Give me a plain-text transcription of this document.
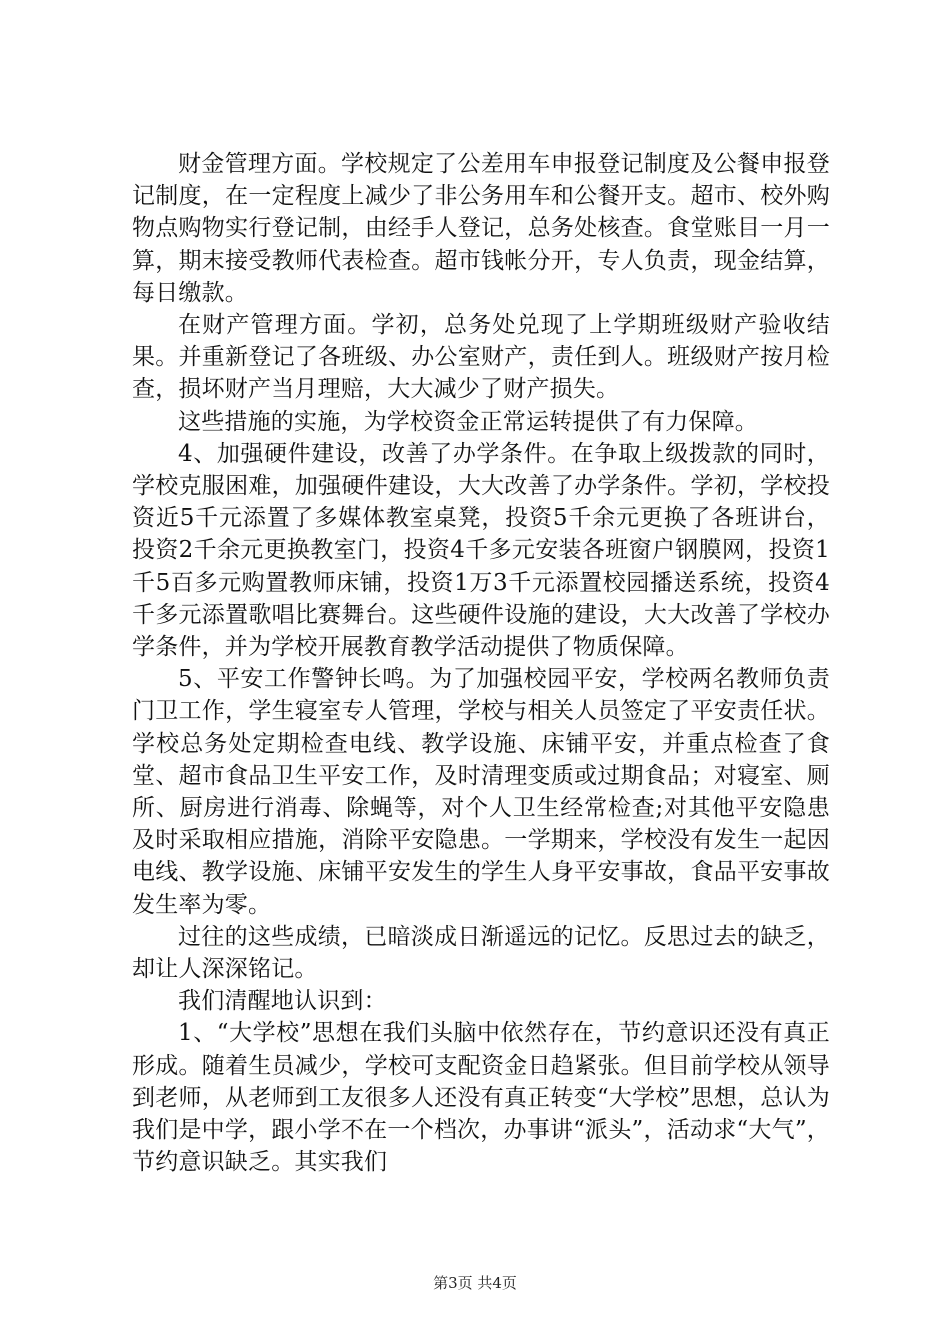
财金管理方面。学校规定了公差用车申报登记制度及公餐申报登记制度，在一定程度上减少了非公务用车和公餐开支。超市、校外购物点购物实行登记制，由经手人登记，总务处核查。食堂账目一月一算，期末接受教师代表检查。超市钱帐分开，专人负责，现金结算，每日缴款。

在财产管理方面。学初，总务处兑现了上学期班级财产验收结果。并重新登记了各班级、办公室财产，责任到人。班级财产按月检查，损坏财产当月理赔，大大减少了财产损失。

这些措施的实施，为学校资金正常运转提供了有力保障。

4、加强硬件建设，改善了办学条件。在争取上级拨款的同时，学校克服困难，加强硬件建设，大大改善了办学条件。学初，学校投资近5千元添置了多媒体教室桌凳，投资5千余元更换了各班讲台，投资2千余元更换教室门，投资4千多元安装各班窗户钢膜网，投资1千5百多元购置教师床铺，投资1万3千元添置校园播送系统，投资4千多元添置歌唱比赛舞台。这些硬件设施的建设，大大改善了学校办学条件，并为学校开展教育教学活动提供了物质保障。

5、平安工作警钟长鸣。为了加强校园平安，学校两名教师负责门卫工作，学生寝室专人管理，学校与相关人员签定了平安责任状。学校总务处定期检查电线、教学设施、床铺平安，并重点检查了食堂、超市食品卫生平安工作，及时清理变质或过期食品；对寝室、厕所、厨房进行消毒、除蝇等，对个人卫生经常检查;对其他平安隐患及时采取相应措施，消除平安隐患。一学期来，学校没有发生一起因电线、教学设施、床铺平安发生的学生人身平安事故，食品平安事故发生率为零。

过往的这些成绩，已暗淡成日渐遥远的记忆。反思过去的缺乏，却让人深深铭记。

我们清醒地认识到：

1、“大学校”思想在我们头脑中依然存在，节约意识还没有真正形成。随着生员减少，学校可支配资金日趋紧张。但目前学校从领导到老师，从老师到工友很多人还没有真正转变“大学校”思想，总认为我们是中学，跟小学不在一个档次，办事讲“派头”，活动求“大气”，节约意识缺乏。其实我们

第3页 共4页
